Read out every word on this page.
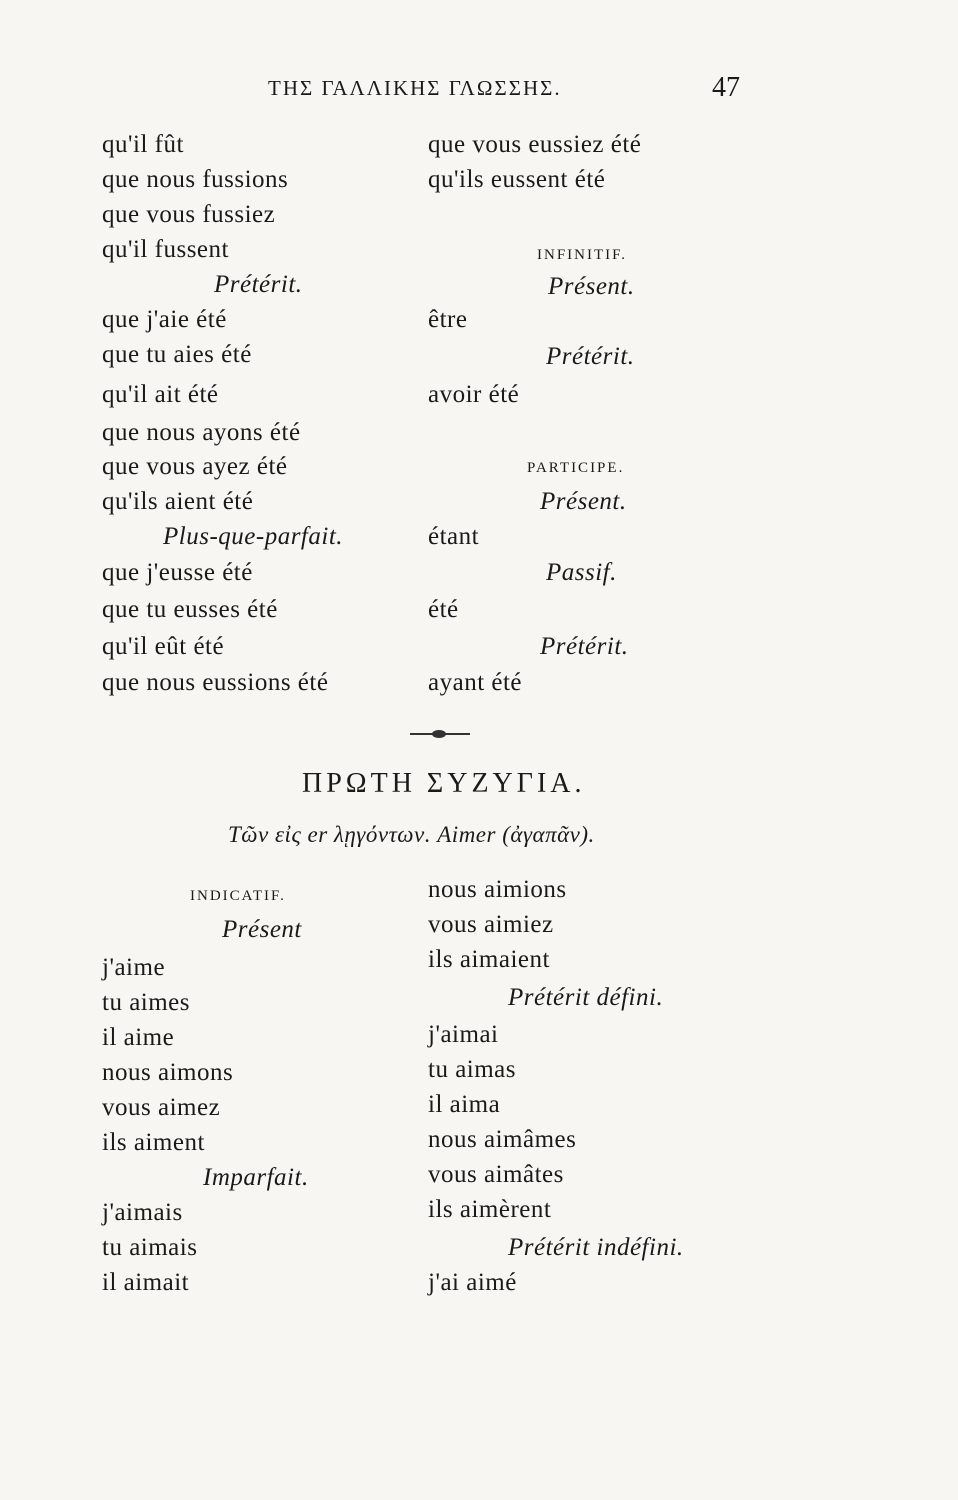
ΤΗΣ ΓΑΛΛΙΚΗΣ ΓΛΩΣΣΗΣ.	47
qu'il fût
que nous fussions
que vous fussiez
qu'il fussent
Prétérit.
que j'aie été
que tu aies été
qu'il ait été
que nous ayons été
que vous ayez été
qu'ils aient été
Plus-que-parfait.
que j'eusse été
que tu eusses été
qu'il eût été
que nous eussions été
que vous eussiez été
qu'ils eussent été
INFINITIF.
Présent.
être
Prétérit.
avoir été
PARTICIPE.
Présent.
étant
Passif.
été
Prétérit.
ayant été
ΠΡΩΤΗ ΣΥΖΥΓΙΑ.
Τῶν εἰς er λῃγόντων. Aimer (ἀγαπᾶν).
INDICATIF.
Présent
j'aime
tu aimes
il aime
nous aimons
vous aimez
ils aiment
Imparfait.
j'aimais
tu aimais
il aimait
nous aimions
vous aimiez
ils aimaient
Prétérit défini.
j'aimai
tu aimas
il aima
nous aimâmes
vous aimâtes
ils aimèrent
Prétérit indéfini.
j'ai aimé
